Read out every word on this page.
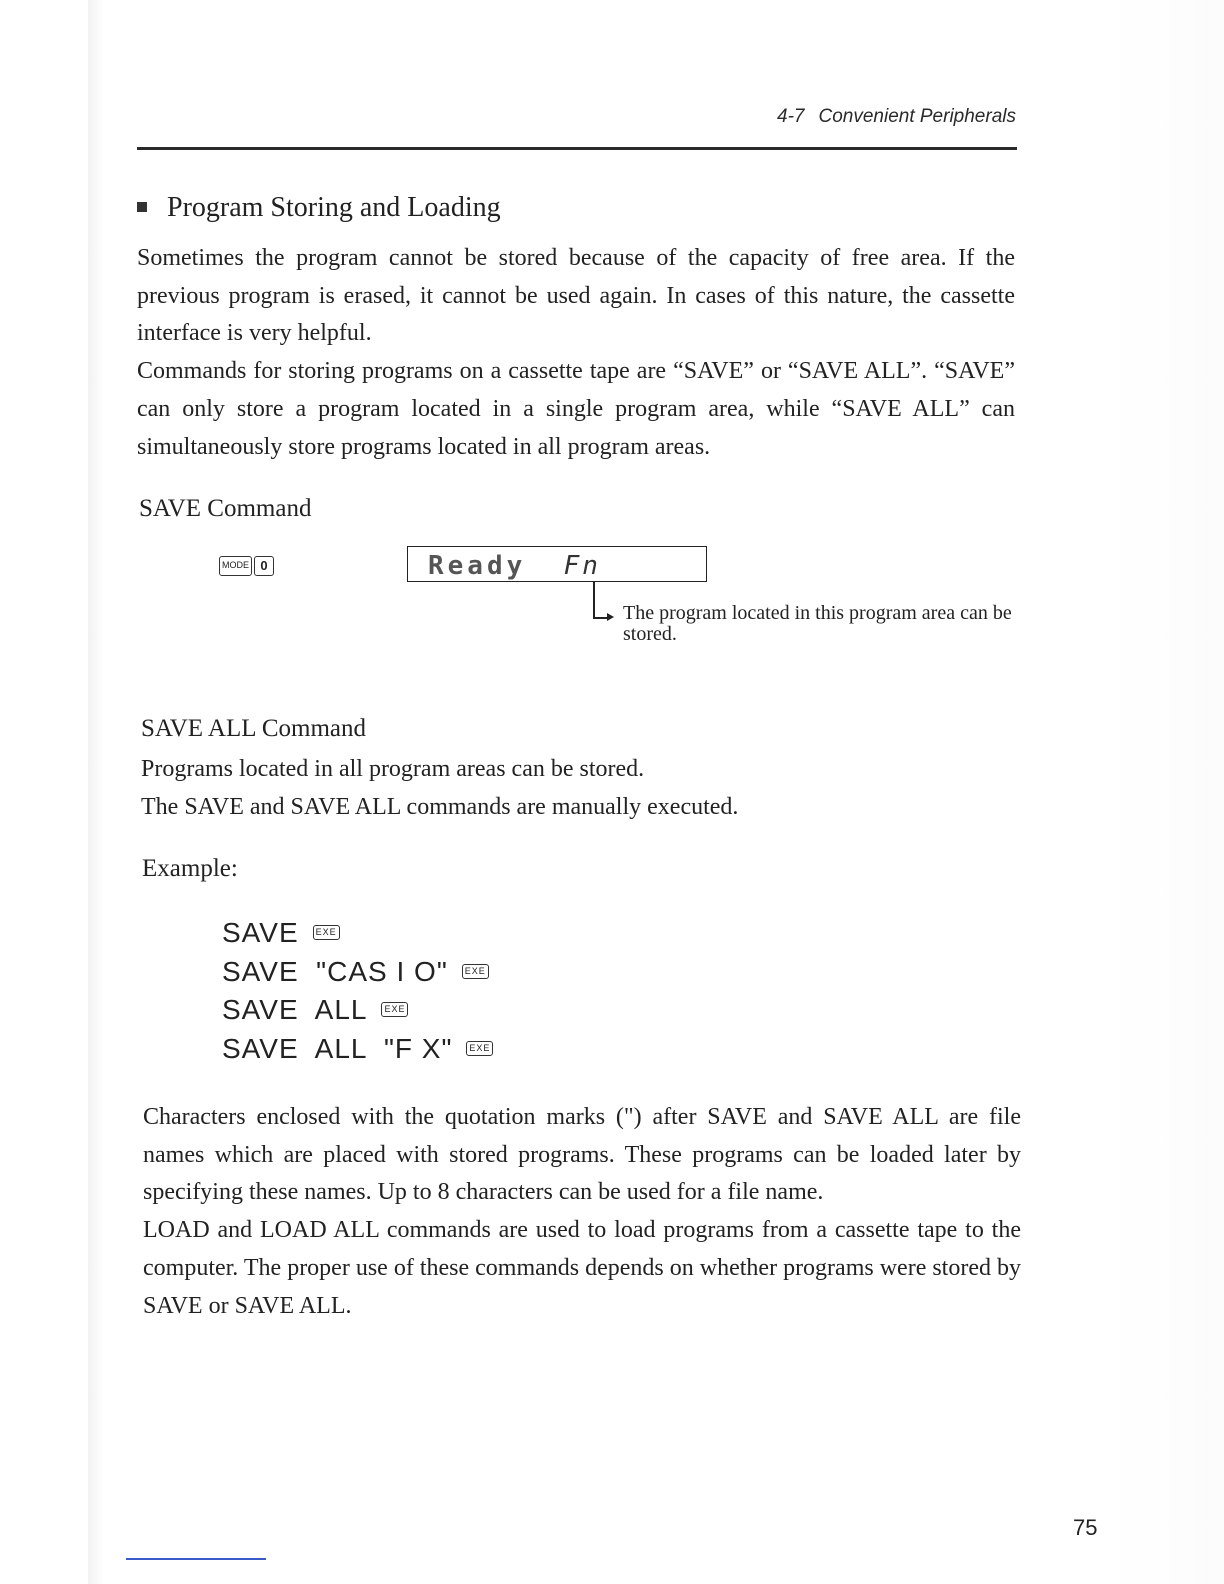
4-7 Convenient Peripherals
Program Storing and Loading

Sometimes the program cannot be stored because of the capacity of free area. If the previous program is erased, it cannot be used again. In cases of this nature, the cassette interface is very helpful.

Commands for storing programs on a cassette tape are “SAVE” or “SAVE ALL”. “SAVE” can only store a program located in a single program area, while “SAVE ALL” can simultaneously store programs located in all program areas.

SAVE Command
MODE 0	Ready Fn
The program located in this program area can be stored.
SAVE ALL Command

Programs located in all program areas can be stored.

The SAVE and SAVE ALL commands are manually executed.

Example:
SAVE EXE
SAVE  "CAS I O" EXE
SAVE  ALL EXE
SAVE  ALL  "F X" EXE

Characters enclosed with the quotation marks (") after SAVE and SAVE ALL are file names which are placed with stored programs. These programs can be loaded later by specifying these names. Up to 8 characters can be used for a file name.

LOAD and LOAD ALL commands are used to load programs from a cassette tape to the computer. The proper use of these commands depends on whether programs were stored by SAVE or SAVE ALL.

75
